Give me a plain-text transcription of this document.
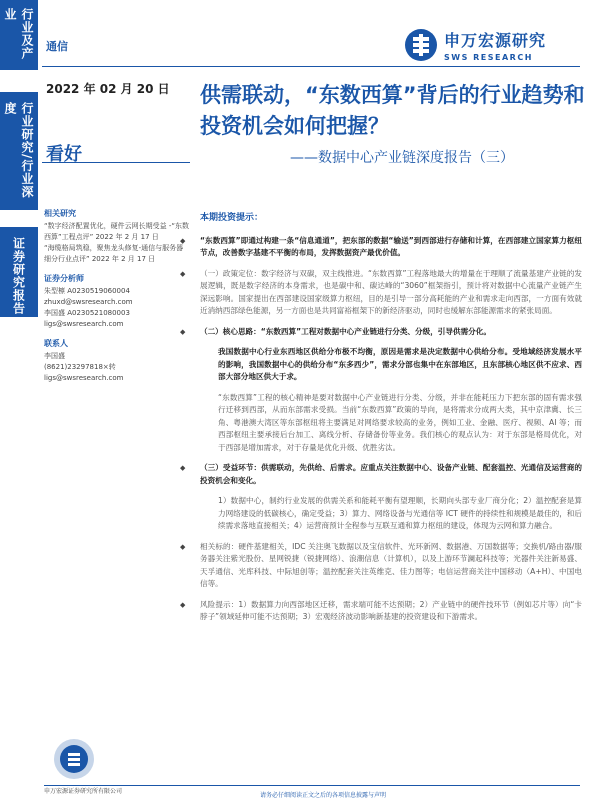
行业及产业
行业研究/行业深度
证券研究报告
通信
2022 年 02 月 20 日
看好
申万宏源研究
SWS RESEARCH
供需联动，“东数西算”背后的行业趋势和投资机会如何把握？
——数据中心产业链深度报告（三）
相关研究

“数字经济配置优化，硬件云网长期受益 -“东数西算”工程点评” 2022 年 2 月 17 日

“海缆格局筑稳，聚焦龙头修复-通信与服务器细分行业点评” 2022 年 2 月 17 日

证券分析师

朱型檩 A0230519060004

zhuxd@swsresearch.com

李国盛 A0230521080003

ligs@swsresearch.com

联系人

李国盛

(8621)23297818×转

ligs@swsresearch.com

本期投资提示：
◆ “东数西算”即通过构建一条“信息通道”，把东部的数据“输送”到西部进行存储和计算，在西部建立国家算力枢纽节点，改善数字基建不平衡的布局，发挥数据资产最优价值。
◆ （一）政策定位：数字经济与双碳，双主线推进。“东数西算”工程落地最大的增量在于理顺了流量基建产业链的发展逻辑，既是数字经济的本身需求，也是碳中和、碳达峰的“3060”框架指引，预计将对数据中心流量产业链产生深远影响。国家提出在西部建设国家级算力枢纽，目的是引导一部分高耗能的产业和需求走向西部，一方面有效就近消纳西部绿色能源，另一方面也是共同富裕框架下的新经济驱动，同时也缓解东部能源需求的紧张局面。
◆ （二）核心思路：“东数西算”工程对数据中心产业链进行分类、分级，引导供需分化。
我国数据中心行业东西地区供给分布极不均衡，原因是需求是决定数据中心供给分布。受地域经济发展水平的影响，我国数据中心的供给分布“东多西少”，需求分部也集中在东部地区，且东部核心地区供不应求、西部大部分地区供大于求。
“东数西算”工程的核心精神是要对数据中心产业链进行分类、分级，并非在能耗压力下把东部的固有需求强行迁移到西部，从而东部需求受损。当前“东数西算”政策的导向，是将需求分成两大类，其中京津冀、长三角、粤港澳大湾区等东部枢纽将主要满足对网络要求较高的业务，例如工业、金融、医疗、视频、AI 等；而西部枢纽主要承接后台加工、离线分析、存储备份等业务。我们核心的观点认为：对于东部是格局优化，对于西部是增加需求，对于存量是优化升级、优胜劣汰。
◆ （三）受益环节：供需联动，先供给、后需求。应重点关注数据中心、设备产业链、配套温控、光通信及运营商的投资机会和变化。
1）数据中心，制约行业发展的供需关系和能耗平衡有望理顺，长期向头部专业厂商分化；2）温控配套是算力网络建设的低碳核心，确定受益；3）算力、网络设备与光通信等 ICT 硬件的持续性和规模是最佳的，和后续需求落地直接相关；4）运营商预计全程参与互联互通和算力枢纽的建设，体现为云网和算力融合。
◆ 相关标的：硬件基建相关，IDC 关注奥飞数据以及宝信软件、光环新网、数据港、万国数据等；交换机/路由器/服务器关注紫光股份、星网锐捷（锐捷网络）、浪潮信息（计算机），以及上游环节澜起科技等；光器件关注新易盛、天孚通信、光库科技、中际旭创等；温控配套关注英维克、佳力图等；电信运营商关注中国移动（A+H）、中国电信等。
◆ 风险提示：1）数据算力向西部地区迁移，需求端可能不达预期；2）产业链中的硬件技环节（例如芯片等）向“卡脖子”领域延伸可能不达预期；3）宏观经济波动影响新基建的投资建设和下游需求。
申万宏源证券研究所有限公司
请务必仔细阅读正文之后的各项信息披露与声明
